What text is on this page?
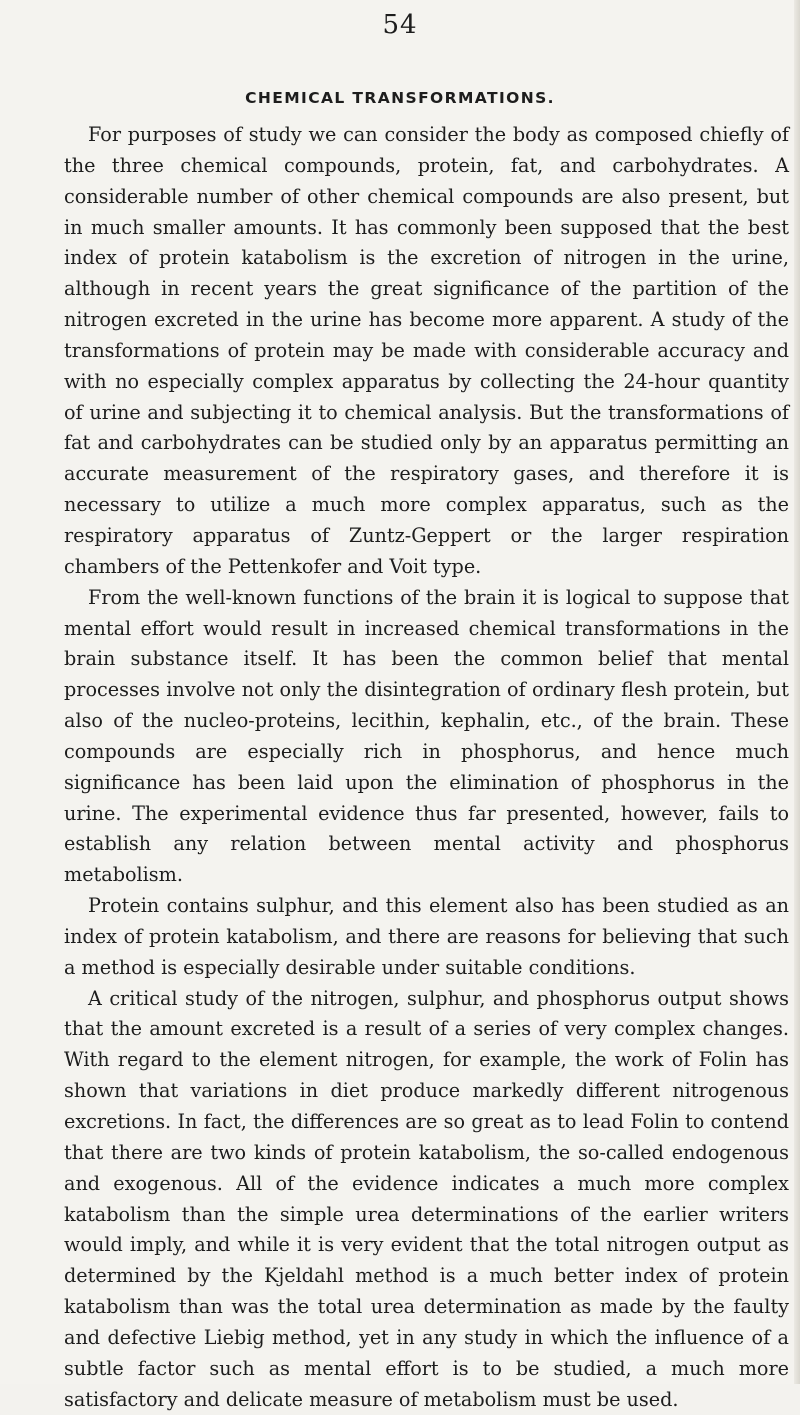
54
CHEMICAL TRANSFORMATIONS.

For purposes of study we can consider the body as composed chiefly of the three chemical compounds, protein, fat, and carbohydrates. A considerable number of other chemical compounds are also present, but in much smaller amounts. It has commonly been supposed that the best index of protein katabolism is the excretion of nitrogen in the urine, although in recent years the great significance of the partition of the nitrogen excreted in the urine has become more apparent. A study of the transformations of protein may be made with considerable accuracy and with no especially complex apparatus by collecting the 24-hour quantity of urine and subjecting it to chemical analysis. But the transformations of fat and carbohydrates can be studied only by an apparatus permitting an accurate measurement of the respiratory gases, and therefore it is necessary to utilize a much more complex apparatus, such as the respiratory apparatus of Zuntz-Geppert or the larger respiration chambers of the Pettenkofer and Voit type.

From the well-known functions of the brain it is logical to suppose that mental effort would result in increased chemical transformations in the brain substance itself. It has been the common belief that mental processes involve not only the disintegration of ordinary flesh protein, but also of the nucleo-proteins, lecithin, kephalin, etc., of the brain. These compounds are especially rich in phosphorus, and hence much significance has been laid upon the elimination of phosphorus in the urine. The experimental evidence thus far presented, however, fails to establish any relation between mental activity and phosphorus metabolism.

Protein contains sulphur, and this element also has been studied as an index of protein katabolism, and there are reasons for believing that such a method is especially desirable under suitable conditions.

A critical study of the nitrogen, sulphur, and phosphorus output shows that the amount excreted is a result of a series of very complex changes. With regard to the element nitrogen, for example, the work of Folin has shown that variations in diet produce markedly different nitrogenous excretions. In fact, the differences are so great as to lead Folin to contend that there are two kinds of protein katabolism, the so-called endogenous and exogenous. All of the evidence indicates a much more complex katabolism than the simple urea determinations of the earlier writers would imply, and while it is very evident that the total nitrogen output as determined by the Kjeldahl method is a much better index of protein katabolism than was the total urea determination as made by the faulty and defective Liebig method, yet in any study in which the influence of a subtle factor such as mental effort is to be studied, a much more satisfactory and delicate measure of metabolism must be used.
